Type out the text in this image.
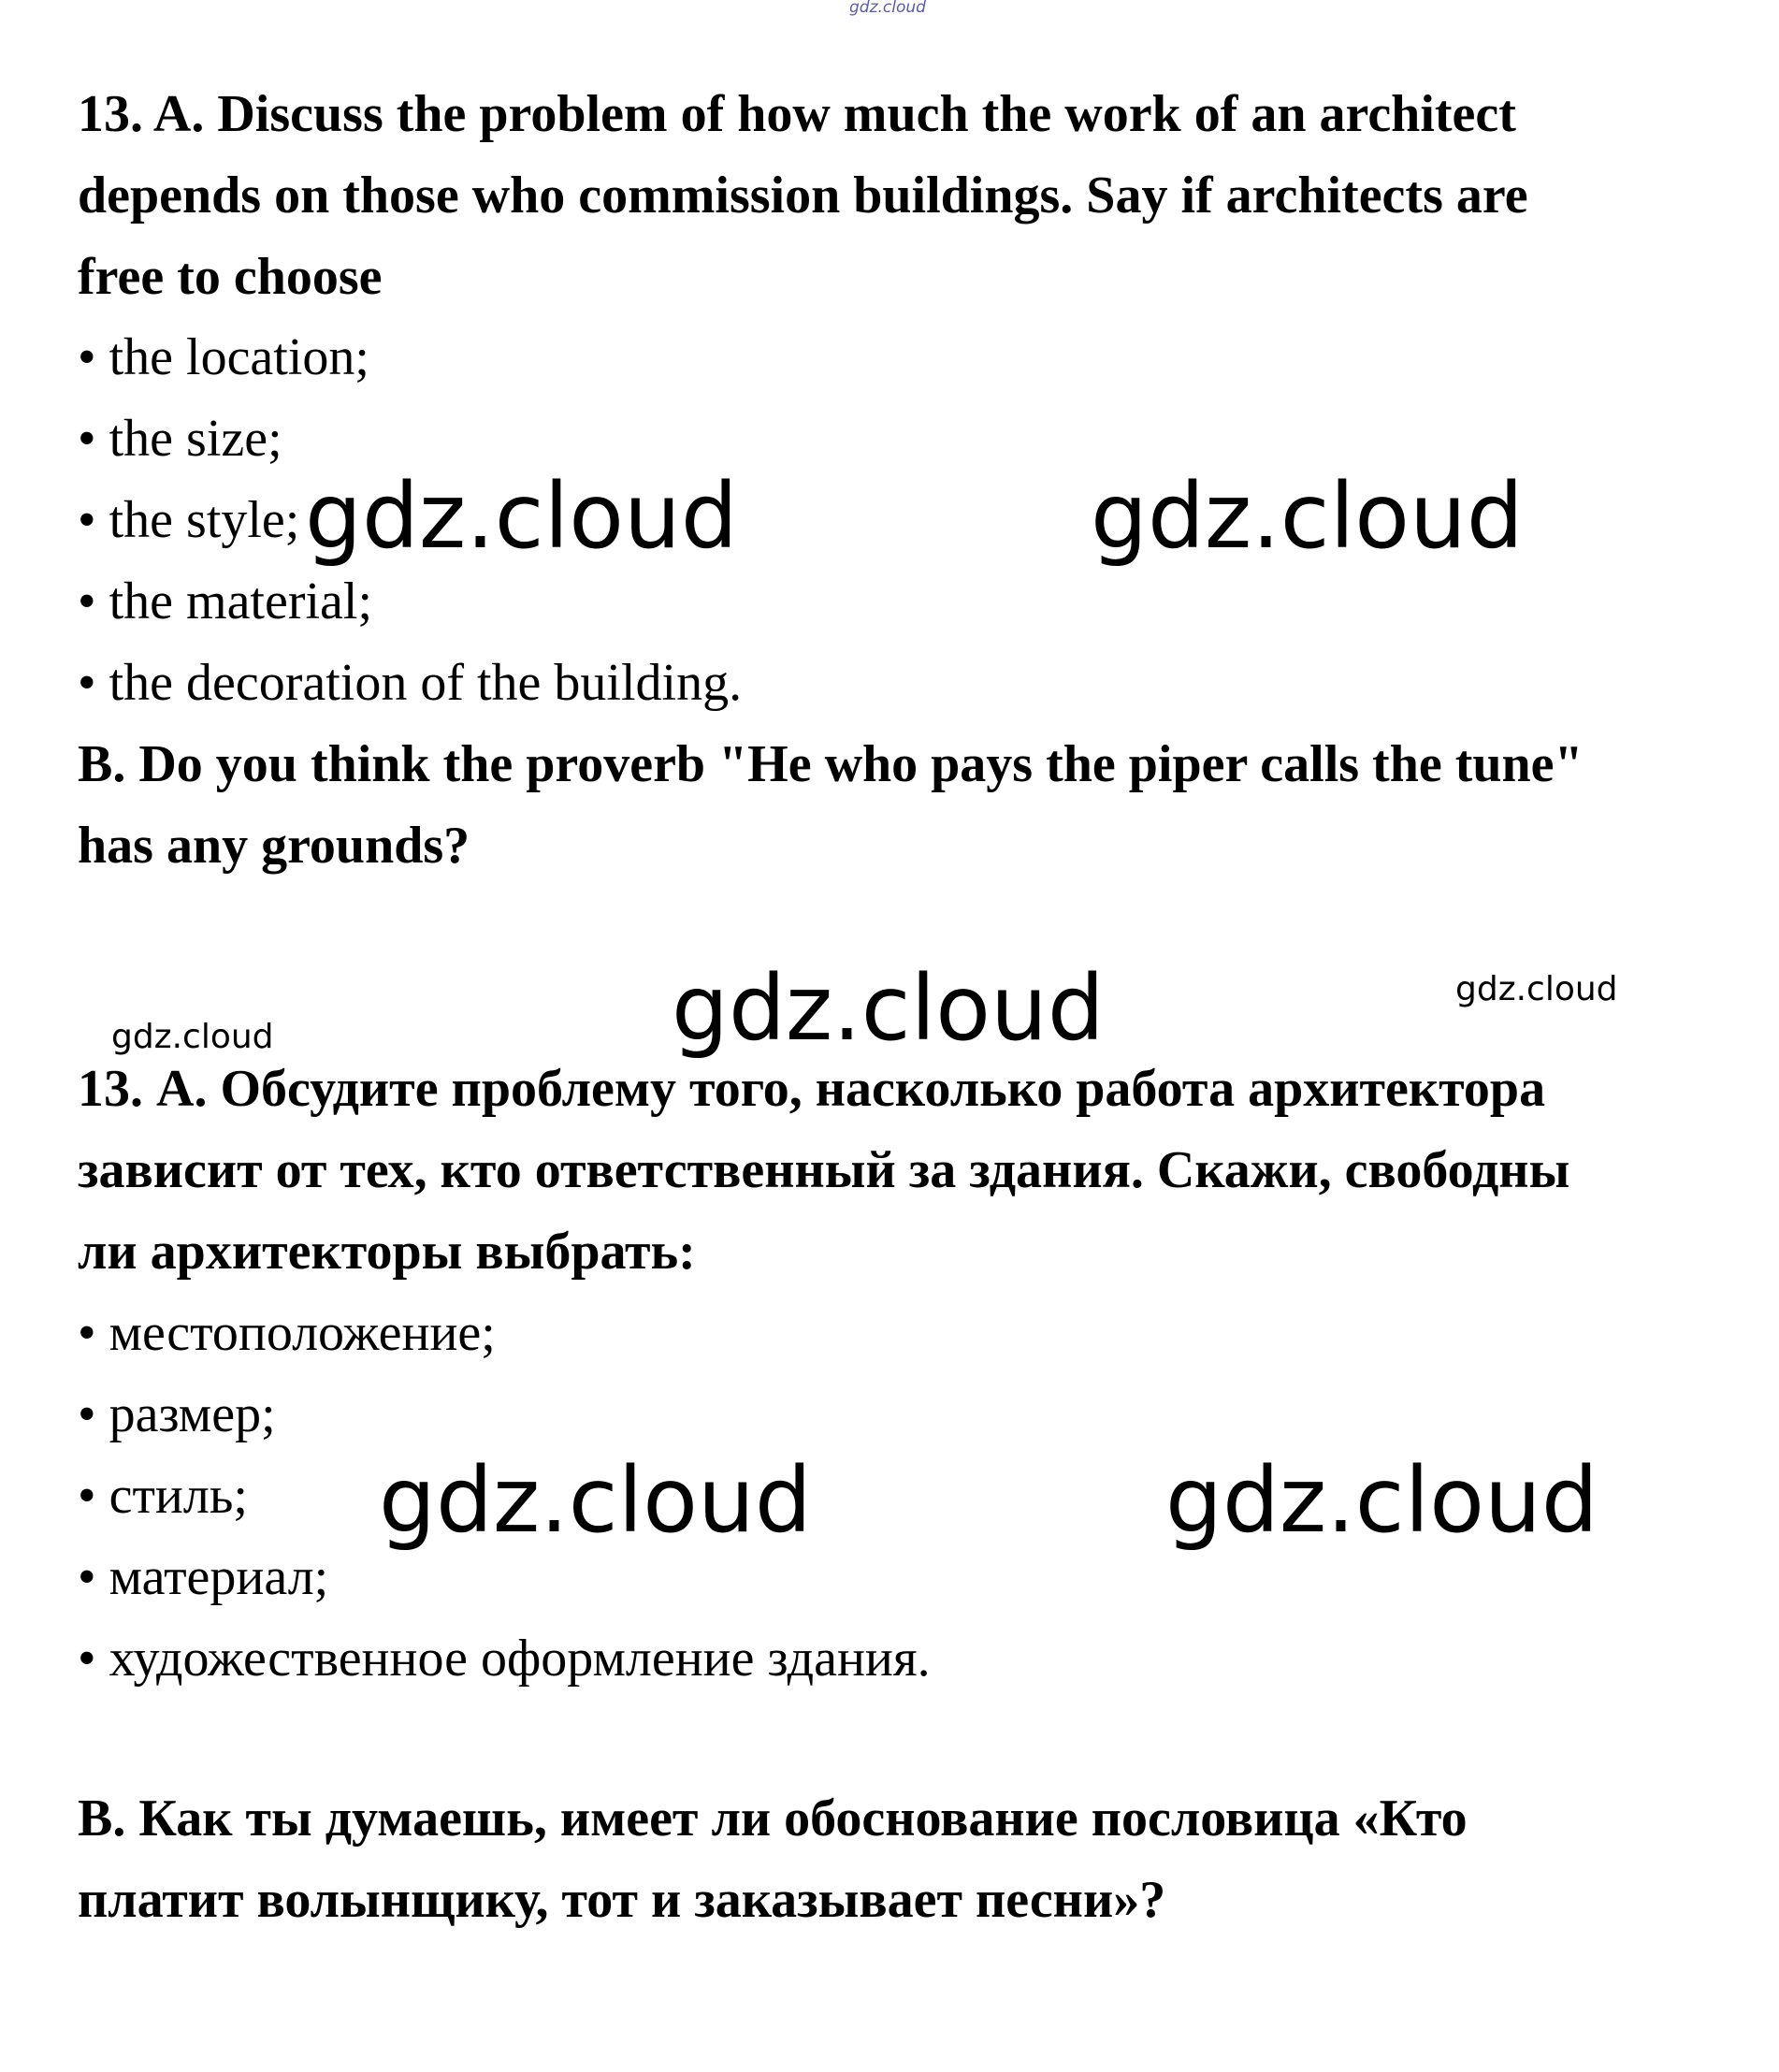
gdz.cloud
13. A. Discuss the problem of how much the work of an architect
depends on those who commission buildings. Say if architects are
free to choose
• the location;
• the size;
• the style;
• the material;
• the decoration of the building.
B. Do you think the proverb "He who pays the piper calls the tune"
has any grounds?
gdz.cloud	gdz.cloud
gdz.cloud	gdz.cloud
gdz.cloud
13. А. Обсудите проблему того, насколько работа архитектора
зависит от тех, кто ответственный за здания. Скажи, свободны
ли архитекторы выбрать:
• местоположение;
• размер;
• стиль;
• материал;
• художественное оформление здания.
В. Как ты думаешь, имеет ли обоснование пословица «Кто
платит волынщику, тот и заказывает песни»?
gdz.cloud	gdz.cloud
